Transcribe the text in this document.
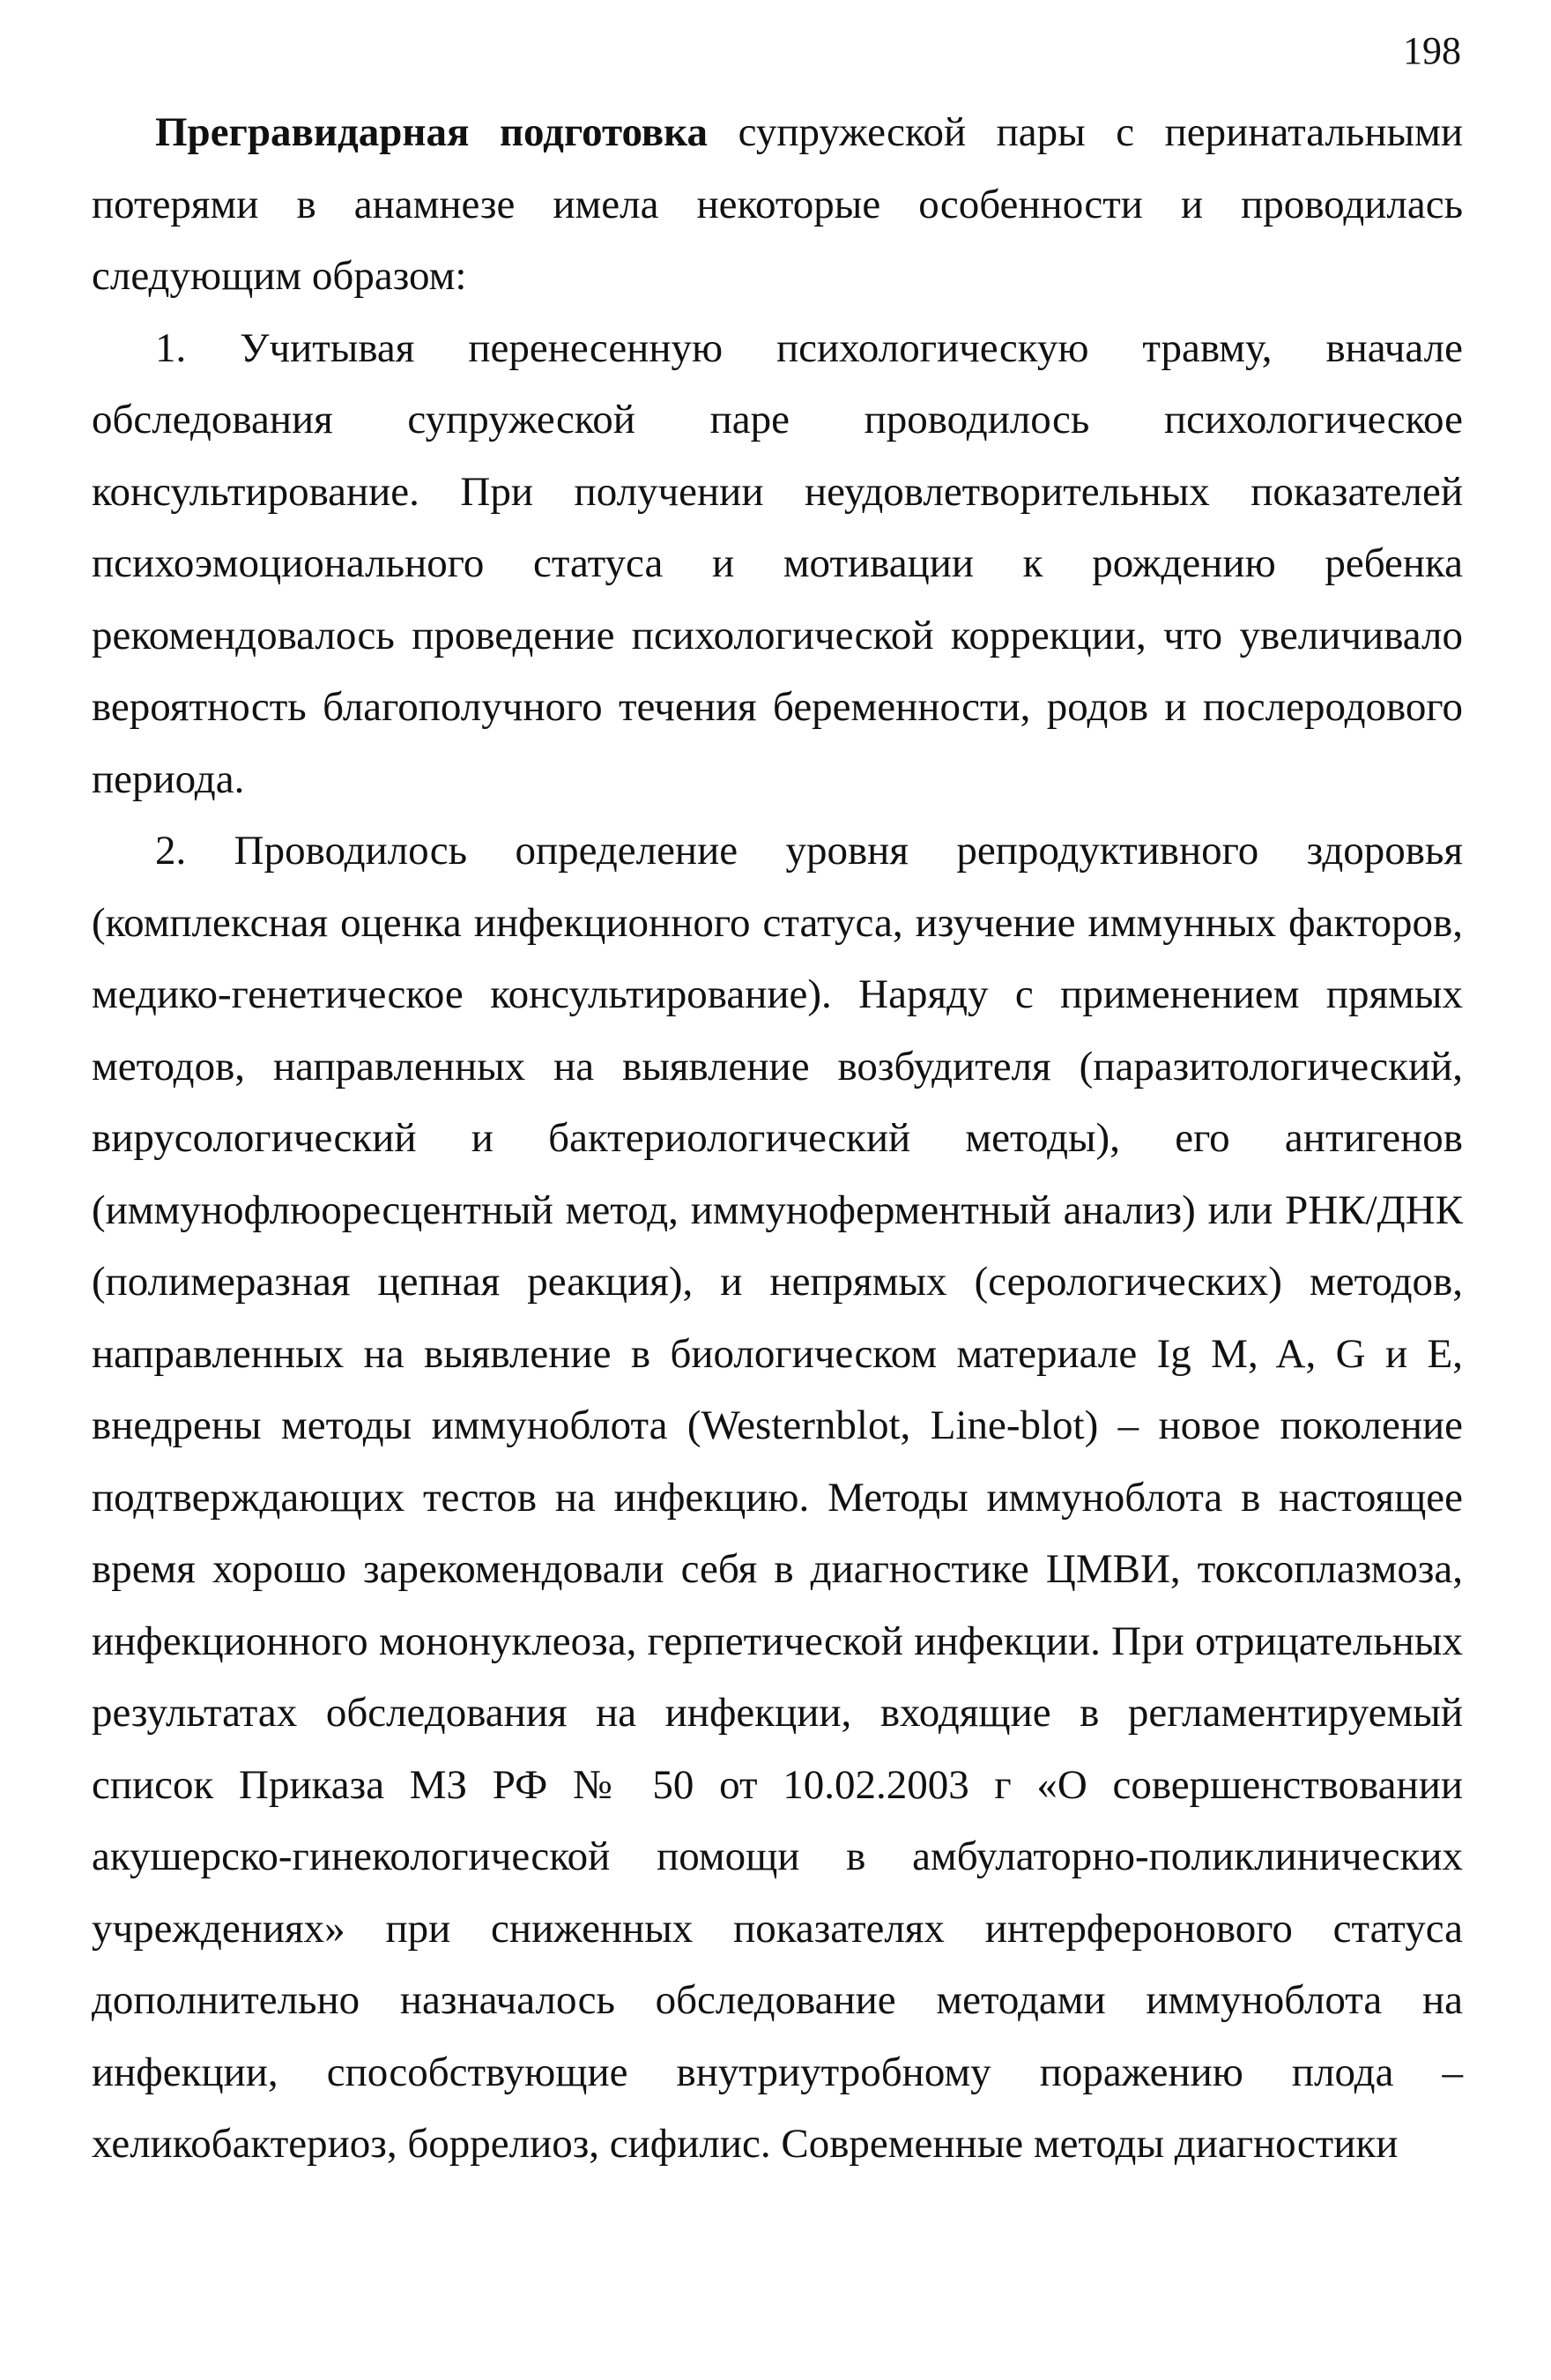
198

Прегравидарная подготовка супружеской пары с перинатальными потерями в анамнезе имела некоторые особенности и проводилась следующим образом:

1. Учитывая перенесенную психологическую травму, вначале обследования супружеской паре проводилось психологическое консультирование. При получении неудовлетворительных показателей психоэмоционального статуса и мотивации к рождению ребенка рекомендовалось проведение психологической коррекции, что увеличивало вероятность благополучного течения беременности, родов и послеродового периода.

2. Проводилось определение уровня репродуктивного здоровья (комплексная оценка инфекционного статуса, изучение иммунных факторов, медико-генетическое консультирование). Наряду с применением прямых методов, направленных на выявление возбудителя (паразитологический, вирусологический и бактериологический методы), его антигенов (иммунофлюоресцентный метод, иммуноферментный анализ) или РНК/ДНК (полимеразная цепная реакция), и непрямых (серологических) методов, направленных на выявление в биологическом материале Ig M, A, G и E, внедрены методы иммуноблота (Westernblot, Line-blot) – новое поколение подтверждающих тестов на инфекцию. Методы иммуноблота в настоящее время хорошо зарекомендовали себя в диагностике ЦМВИ, токсоплазмоза, инфекционного мононуклеоза, герпетической инфекции. При отрицательных результатах обследования на инфекции, входящие в регламентируемый список Приказа МЗ РФ № 50 от 10.02.2003 г «О совершенствовании акушерско-гинекологической помощи в амбулаторно-поликлинических учреждениях» при сниженных показателях интерферонового статуса дополнительно назначалось обследование методами иммуноблота на инфекции, способствующие внутриутробному поражению плода – хеликобактериоз, боррелиоз, сифилис. Современные методы диагностики
